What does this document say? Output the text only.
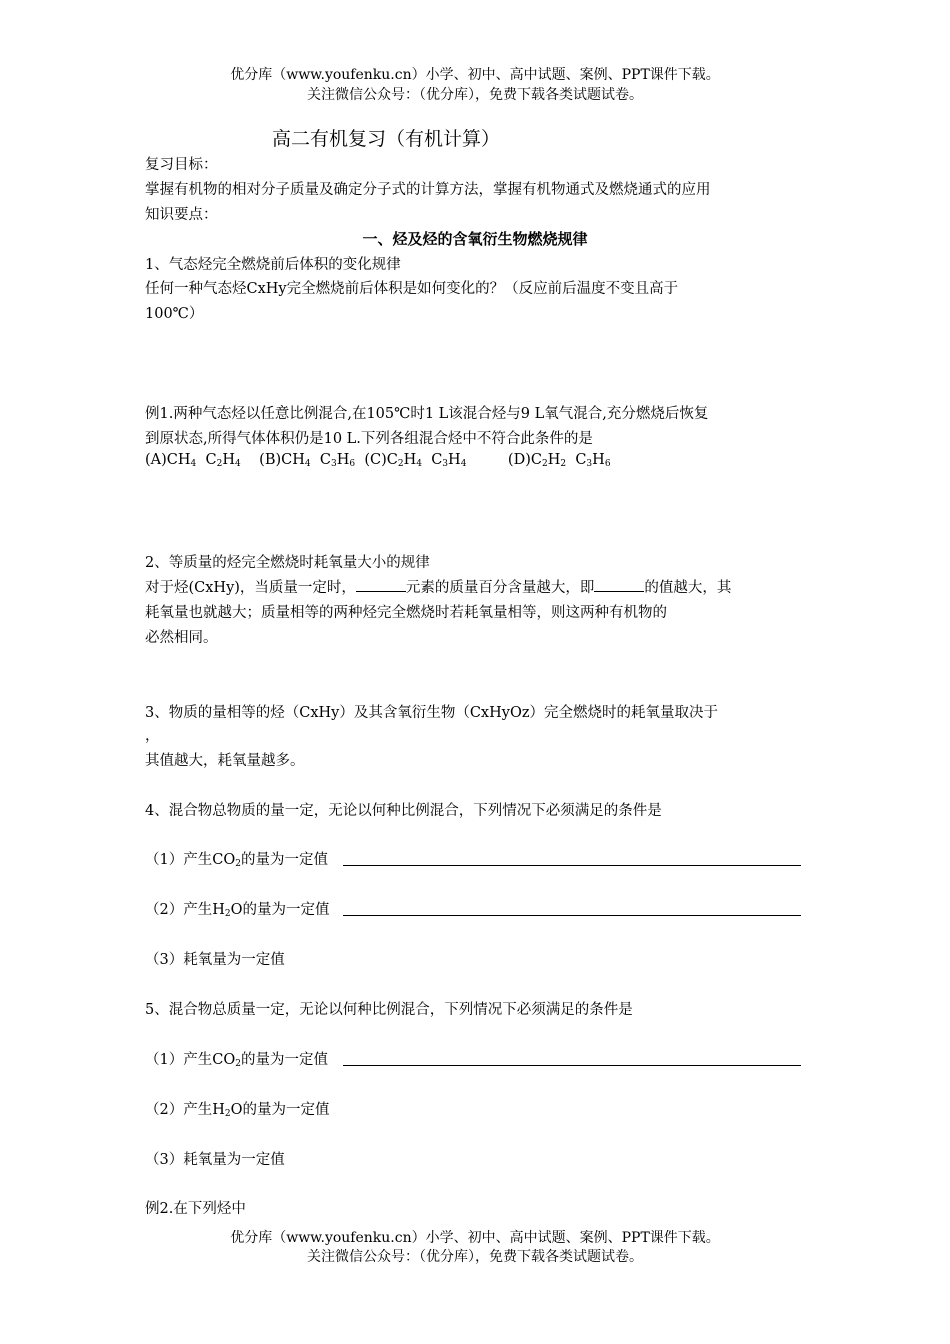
优分库（www.youfenku.cn）小学、初中、高中试题、案例、PPT课件下载。
关注微信公众号：（优分库），免费下载各类试题试卷。
高二有机复习（有机计算）
复习目标：
掌握有机物的相对分子质量及确定分子式的计算方法，掌握有机物通式及燃烧通式的应用
知识要点：
一、烃及烃的含氧衍生物燃烧规律
1、气态烃完全燃烧前后体积的变化规律
任何一种气态烃CxHy完全燃烧前后体积是如何变化的？（反应前后温度不变且高于
100℃）
例1.两种气态烃以任意比例混合,在105℃时1 L该混合烃与9 L氧气混合,充分燃烧后恢复
到原状态,所得气体体积仍是10 L.下列各组混合烃中不符合此条件的是
$(A)CH_4$ $C_2H_4$ $(B)CH_4$ $C_3H_6$ $(C)C_2H_4$ $C_3H_4$	$(D)C_2H_2$ $C_3H_6$
2、等质量的烃完全燃烧时耗氧量大小的规律
对于烃(CxHy)，当质量一定时，	元素的质量百分含量越大，即	的值越大，其
耗氧量也就越大；质量相等的两种烃完全燃烧时若耗氧量相等，则这两种有机物的
必然相同。
3、物质的量相等的烃（CxHy）及其含氧衍生物（CxHyOz）完全燃烧时的耗氧量取决于
，
其值越大，耗氧量越多。
4、混合物总物质的量一定，无论以何种比例混合，下列情况下必须满足的条件是
（1）产生$CO_2$的量为一定值
（2）产生$H_2O$的量为一定值
（3）耗氧量为一定值
5、混合物总质量一定，无论以何种比例混合，下列情况下必须满足的条件是
（1）产生$CO_2$的量为一定值
（2）产生$H_2O$的量为一定值
（3）耗氧量为一定值
例2.在下列烃中
优分库（www.youfenku.cn）小学、初中、高中试题、案例、PPT课件下载。
关注微信公众号：（优分库），免费下载各类试题试卷。
